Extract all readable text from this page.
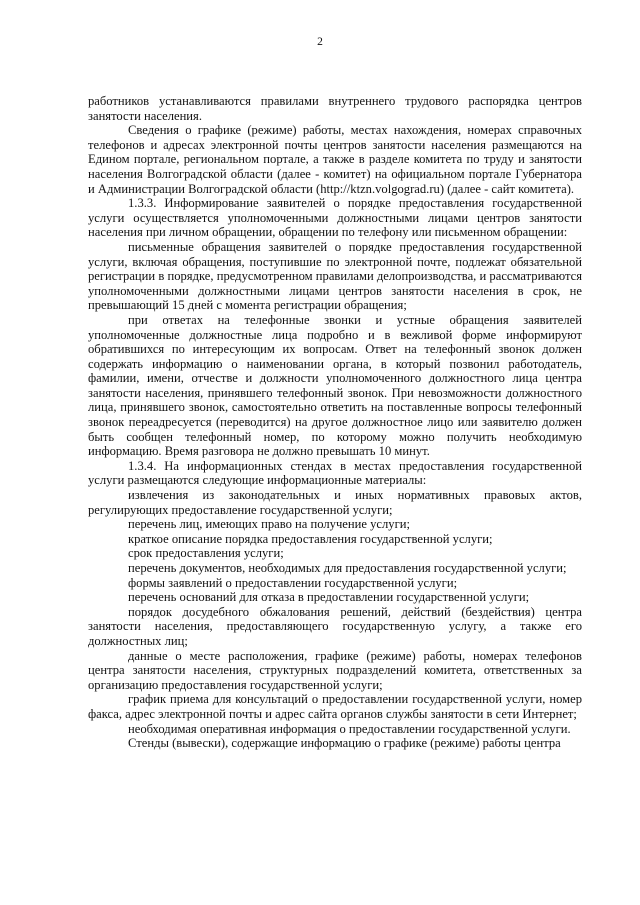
2

работников устанавливаются правилами внутреннего трудового распорядка центров занятости населения.

Сведения о графике (режиме) работы, местах нахождения, номерах справочных телефонов и адресах электронной почты центров занятости населения размещаются на Едином портале, региональном портале, а также в разделе комитета по труду и занятости населения Волгоградской области (далее - комитет) на официальном портале Губернатора и Администрации Волгоградской области (http://ktzn.volgograd.ru) (далее - сайт комитета).

1.3.3. Информирование заявителей о порядке предоставления государственной услуги осуществляется уполномоченными должностными лицами центров занятости населения при личном обращении, обращении по телефону или письменном обращении:

письменные обращения заявителей о порядке предоставления государственной услуги, включая обращения, поступившие по электронной почте, подлежат обязательной регистрации в порядке, предусмотренном правилами делопроизводства, и рассматриваются уполномоченными должностными лицами центров занятости населения в срок, не превышающий 15 дней с момента регистрации обращения;

при ответах на телефонные звонки и устные обращения заявителей уполномоченные должностные лица подробно и в вежливой форме информируют обратившихся по интересующим их вопросам. Ответ на телефонный звонок должен содержать информацию о наименовании органа, в который позвонил работодатель, фамилии, имени, отчестве и должности уполномоченного должностного лица центра занятости населения, принявшего телефонный звонок. При невозможности должностного лица, принявшего звонок, самостоятельно ответить на поставленные вопросы телефонный звонок переадресуется (переводится) на другое должностное лицо или заявителю должен быть сообщен телефонный номер, по которому можно получить необходимую информацию. Время разговора не должно превышать 10 минут.

1.3.4. На информационных стендах в местах предоставления государственной услуги размещаются следующие информационные материалы:

извлечения из законодательных и иных нормативных правовых актов, регулирующих предоставление государственной услуги;

перечень лиц, имеющих право на получение услуги;

краткое описание порядка предоставления государственной услуги;

срок предоставления услуги;

перечень документов, необходимых для предоставления государственной услуги;

формы заявлений о предоставлении государственной услуги;

перечень оснований для отказа в предоставлении государственной услуги;

порядок досудебного обжалования решений, действий (бездействия) центра занятости населения, предоставляющего государственную услугу, а также его должностных лиц;

данные о месте расположения, графике (режиме) работы, номерах телефонов центра занятости населения, структурных подразделений комитета, ответственных за организацию предоставления государственной услуги;

график приема для консультаций о предоставлении государственной услуги, номер факса, адрес электронной почты и адрес сайта органов службы занятости в сети Интернет;

необходимая оперативная информация о предоставлении государственной услуги.

Стенды (вывески), содержащие информацию о графике (режиме) работы центра
